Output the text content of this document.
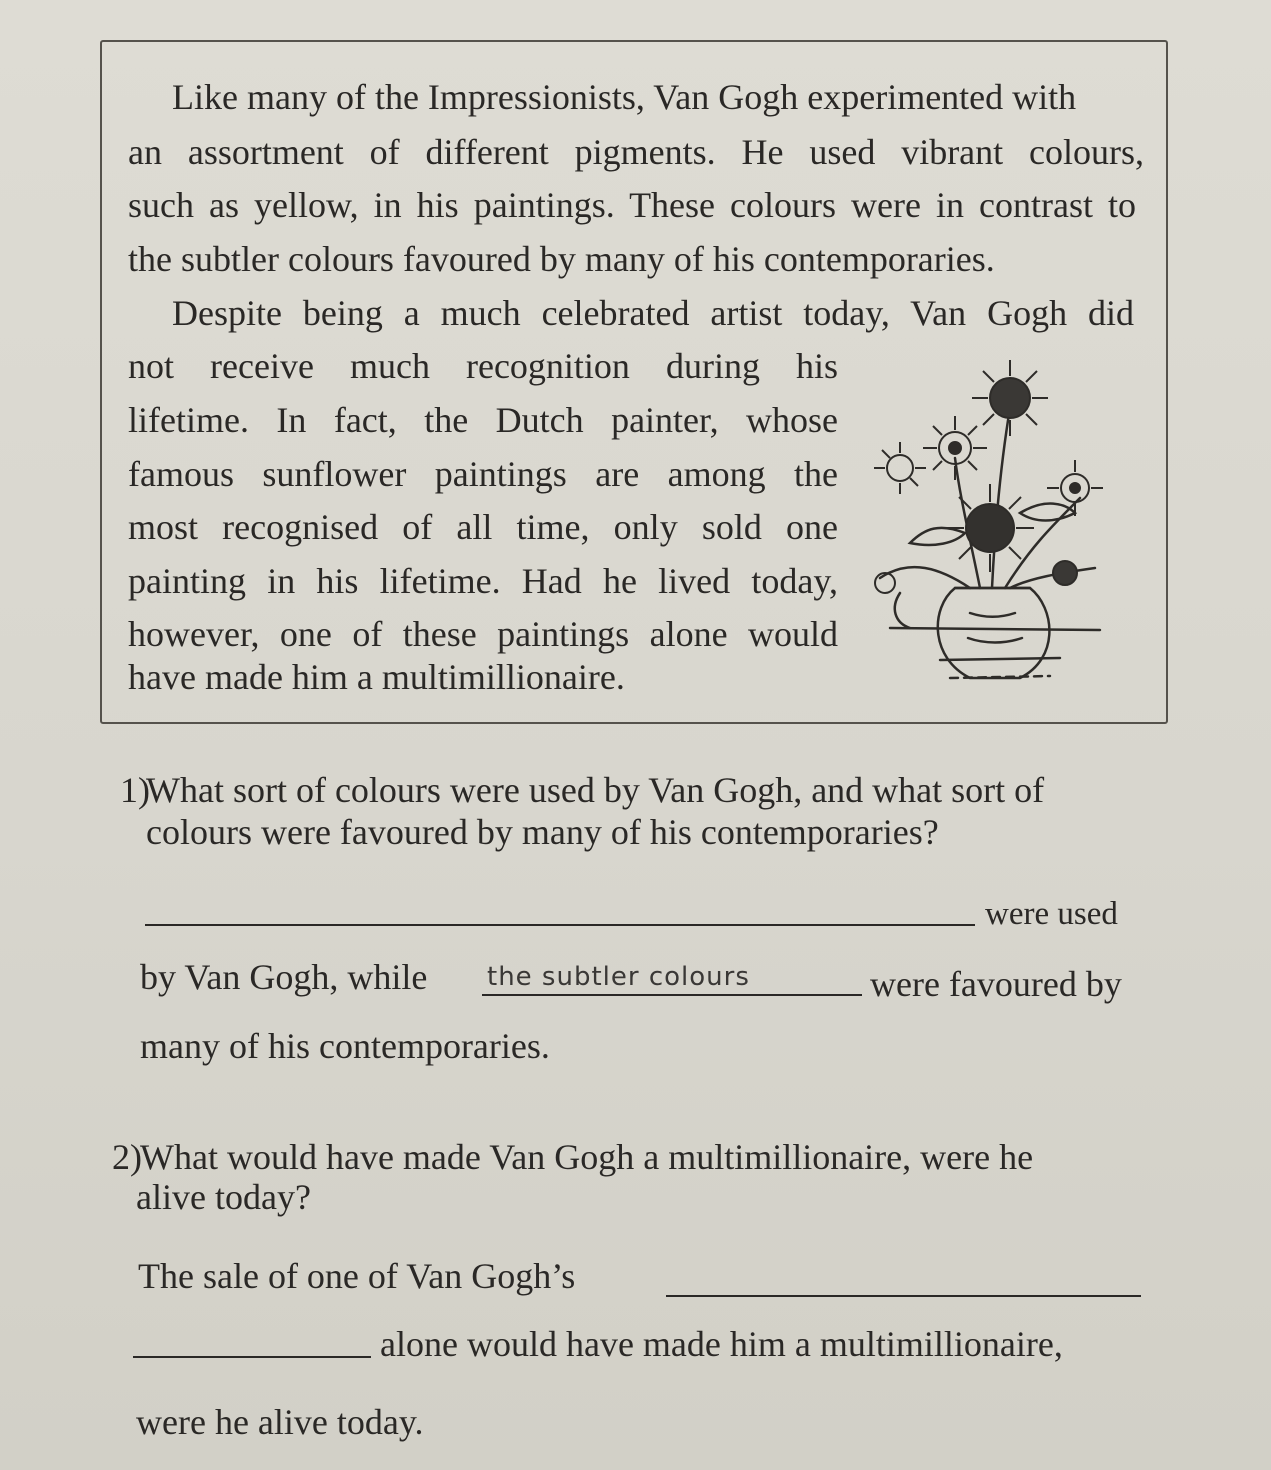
Like many of the Impressionists, Van Gogh experimented with

an assortment of different pigments. He used vibrant colours,

such as yellow, in his paintings. These colours were in contrast to

the subtler colours favoured by many of his contemporaries.

Despite being a much celebrated artist today, Van Gogh did

not receive much recognition during his

lifetime. In fact, the Dutch painter, whose

famous sunflower paintings are among the

most recognised of all time, only sold one

painting in his lifetime. Had he lived today,

however, one of these paintings alone would

have made him a multimillionaire.

1)

What sort of colours were used by Van Gogh, and what sort of

colours were favoured by many of his contemporaries?

were used

by Van Gogh, while the subtler colours	were favoured by

many of his contemporaries.

2)

What would have made Van Gogh a multimillionaire, were he

alive today?

The sale of one of Van Gogh’s

alone would have made him a multimillionaire,

were he alive today.
